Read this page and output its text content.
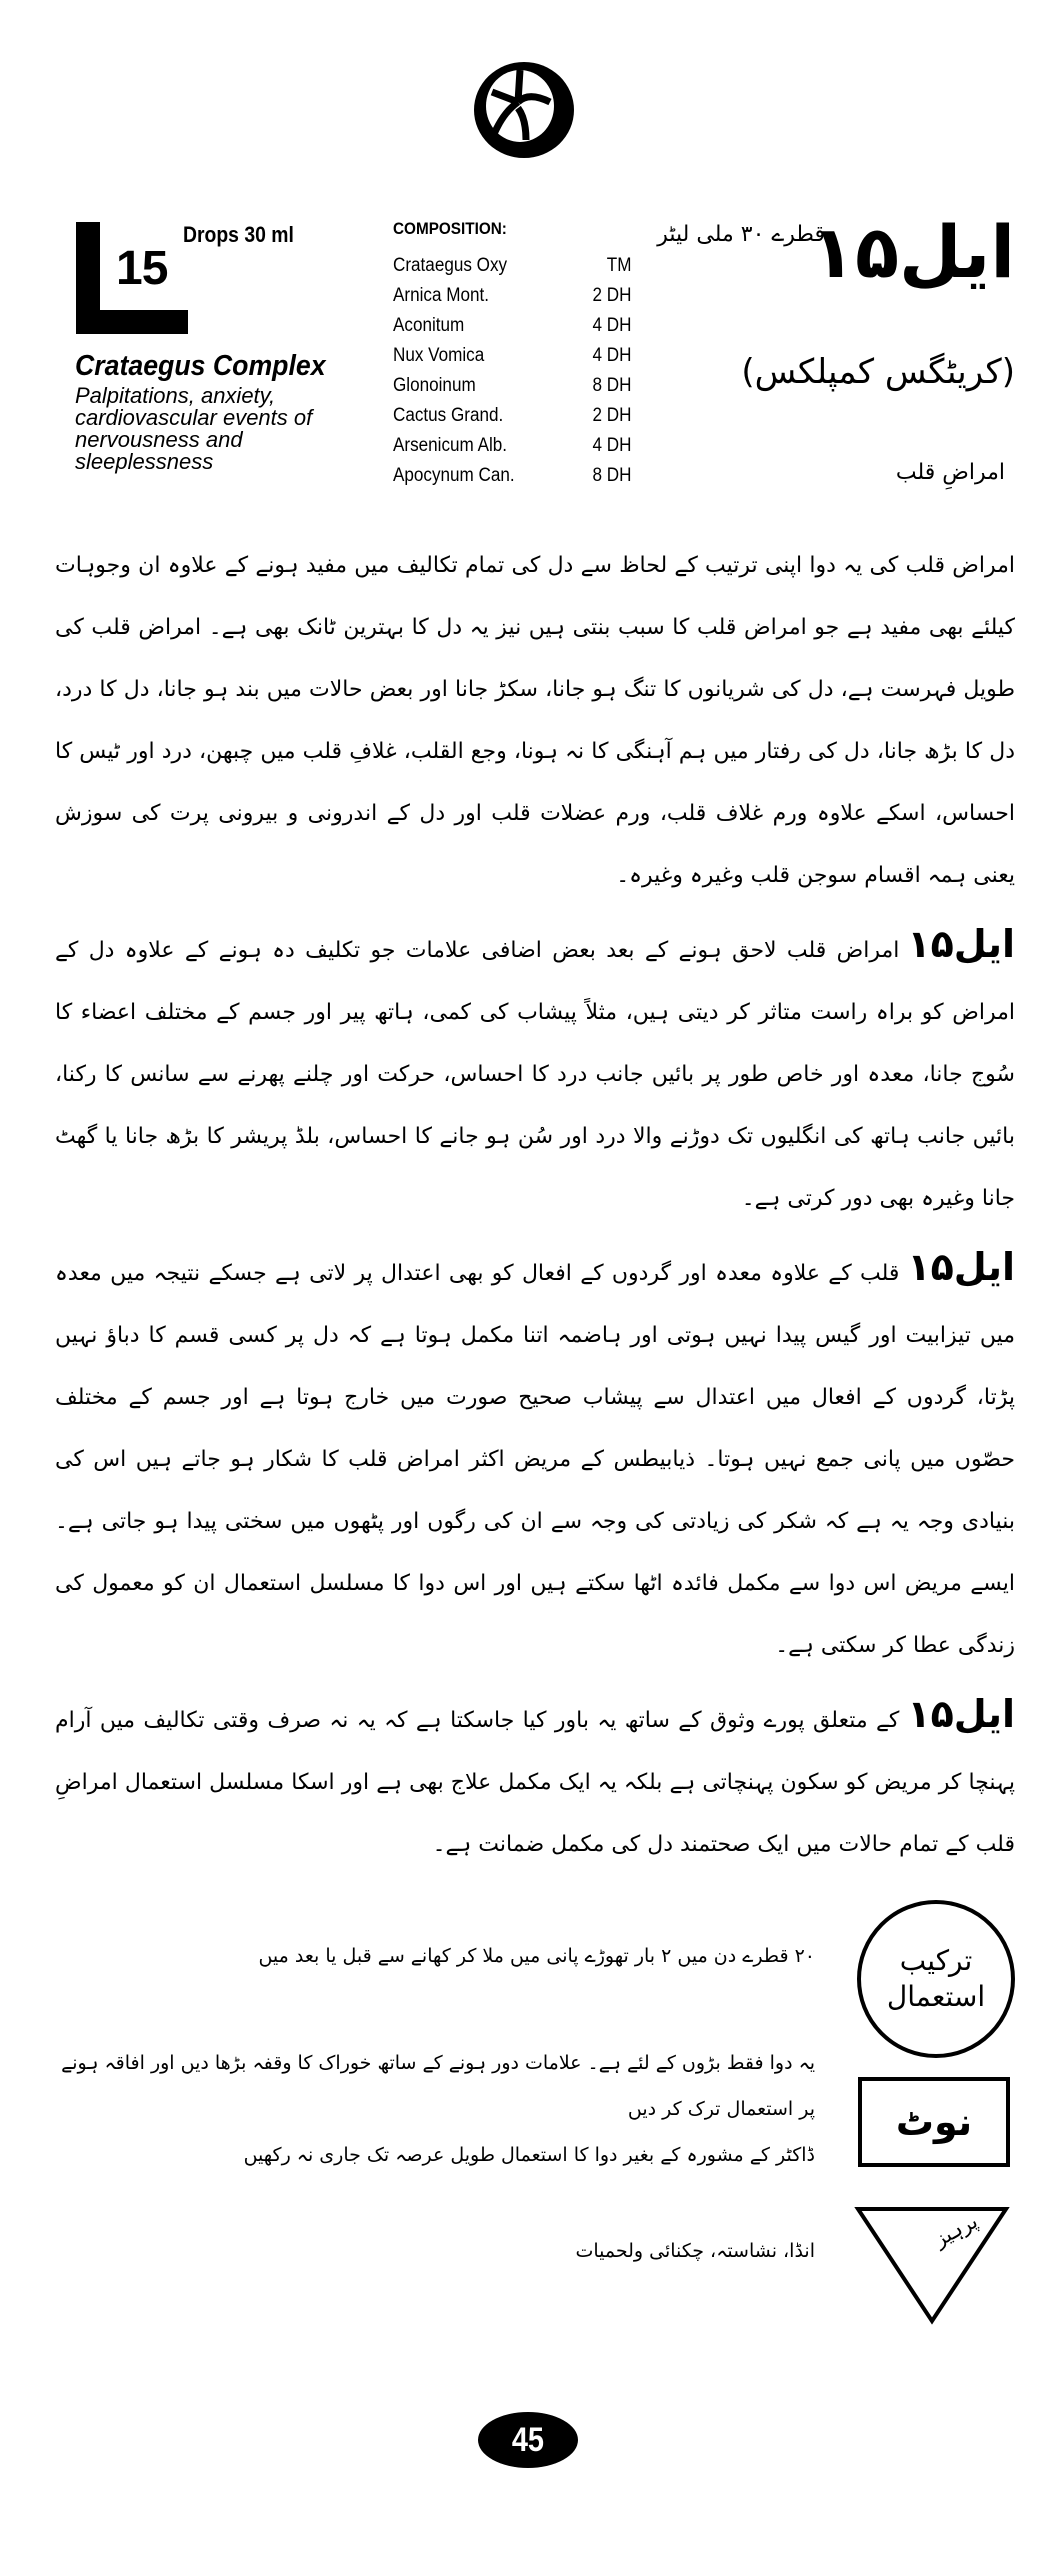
15
Drops 30 ml
Crataegus Complex
Palpitations, anxiety, cardiovascular events of nervousness and sleeplessness
COMPOSITION:
Crataegus Oxy	TM
Arnica Mont.	2 DH
Aconitum	4 DH
Nux Vomica	4 DH
Glonoinum	8 DH
Cactus Grand.	2 DH
Arsenicum Alb.	4 DH
Apocynum Can.	8 DH
ایل۱۵
قطرے ۳۰ ملی لیٹر
(کریٹگس کمپلکس)
امراضِ قلب

امراض قلب کی یہ دوا اپنی ترتیب کے لحاظ سے دل کی تمام تکالیف میں مفید ہونے کے علاوہ ان وجوہات کیلئے بھی مفید ہے جو امراض قلب کا سبب بنتی ہیں نیز یہ دل کا بہترین ٹانک بھی ہے۔ امراض قلب کی طویل فہرست ہے، دل کی شریانوں کا تنگ ہو جانا، سکڑ جانا اور بعض حالات میں بند ہو جانا، دل کا درد، دل کا بڑھ جانا، دل کی رفتار میں ہم آہنگی کا نہ ہونا، وجع القلب، غلافِ قلب میں چبھن، درد اور ٹیس کا احساس، اسکے علاوہ ورم غلاف قلب، ورم عضلات قلب اور دل کے اندرونی و بیرونی پرت کی سوزش یعنی ہمہ اقسام سوجن قلب وغیرہ وغیرہ۔

ایل۱۵امراض قلب لاحق ہونے کے بعد بعض اضافی علامات جو تکلیف دہ ہونے کے علاوہ دل کے امراض کو براہ راست متاثر کر دیتی ہیں، مثلاً پیشاب کی کمی، ہاتھ پیر اور جسم کے مختلف اعضاء کا سُوج جانا، معدہ اور خاص طور پر بائیں جانب درد کا احساس، حرکت اور چلنے پھرنے سے سانس کا رکنا، بائیں جانب ہاتھ کی انگلیوں تک دوڑنے والا درد اور سُن ہو جانے کا احساس، بلڈ پریشر کا بڑھ جانا یا گھٹ جانا وغیرہ بھی دور کرتی ہے۔

ایل۱۵قلب کے علاوہ معدہ اور گردوں کے افعال کو بھی اعتدال پر لاتی ہے جسکے نتیجہ میں معدہ میں تیزابیت اور گیس پیدا نہیں ہوتی اور ہاضمہ اتنا مکمل ہوتا ہے کہ دل پر کسی قسم کا دباؤ نہیں پڑتا، گردوں کے افعال میں اعتدال سے پیشاب صحیح صورت میں خارج ہوتا ہے اور جسم کے مختلف حصّوں میں پانی جمع نہیں ہوتا۔ ذیابیطس کے مریض اکثر امراض قلب کا شکار ہو جاتے ہیں اس کی بنیادی وجہ یہ ہے کہ شکر کی زیادتی کی وجہ سے ان کی رگوں اور پٹھوں میں سختی پیدا ہو جاتی ہے۔ ایسے مریض اس دوا سے مکمل فائدہ اٹھا سکتے ہیں اور اس دوا کا مسلسل استعمال ان کو معمول کی زندگی عطا کر سکتی ہے۔

ایل۱۵کے متعلق پورے وثوق کے ساتھ یہ باور کیا جاسکتا ہے کہ یہ نہ صرف وقتی تکالیف میں آرام پہنچا کر مریض کو سکون پہنچاتی ہے بلکہ یہ ایک مکمل علاج بھی ہے اور اسکا مسلسل استعمال امراضِ قلب کے تمام حالات میں ایک صحتمند دل کی مکمل ضمانت ہے۔

ترکیب
استعمال
۲۰ قطرے دن میں ۲ بار تھوڑے پانی میں ملا کر کھانے سے قبل یا بعد میں
نوٹ
یہ دوا فقط بڑوں کے لئے ہے۔ علامات دور ہونے کے ساتھ خوراک کا وقفہ بڑھا دیں اور افاقہ ہونے پر استعمال ترک کر دیں
ڈاکٹر کے مشورہ کے بغیر دوا کا استعمال طویل عرصہ تک جاری نہ رکھیں
پرہیز
انڈا، نشاستہ، چکنائی ولحمیات
45
